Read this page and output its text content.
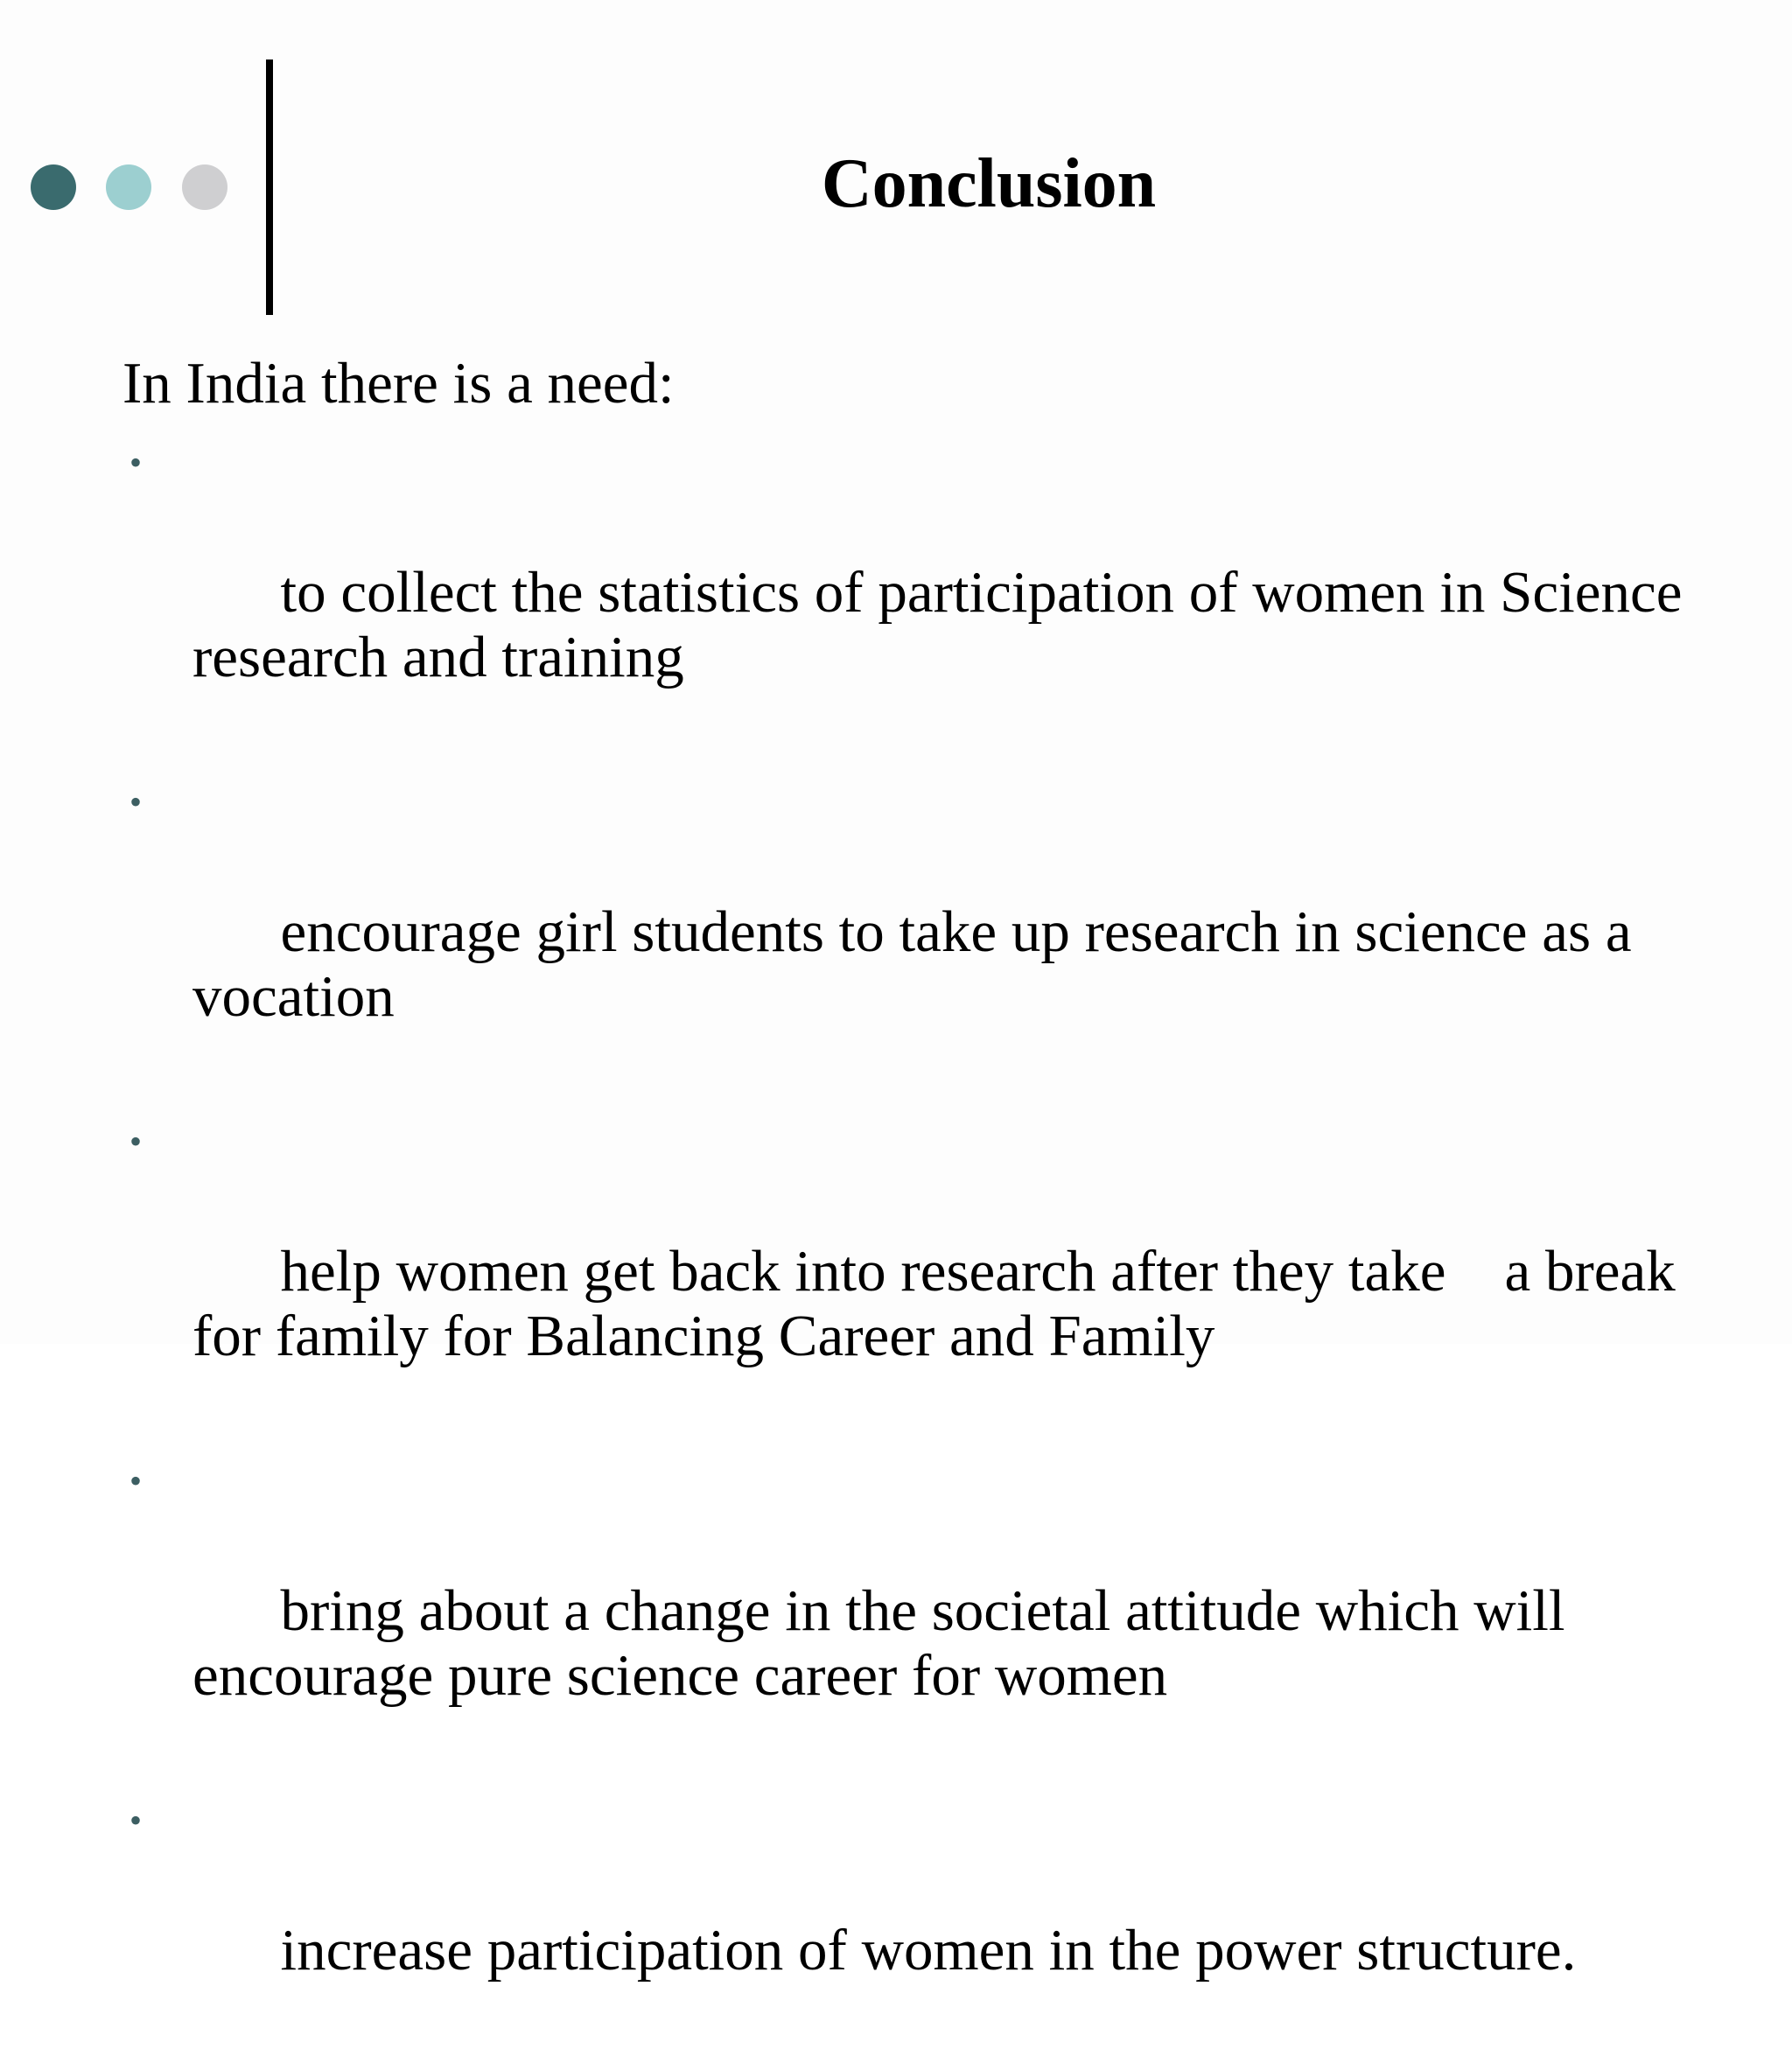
Conclusion
In India there is a need:

•

to collect the statistics of participation of women in Science
research and training

•

encourage girl students to take up research in science as a
vocation

•

help women get back into research after they take    a break
for family for Balancing Career and Family

•

bring about a change in the societal attitude which will
encourage pure science career for women

•

increase participation of women in the power structure.
